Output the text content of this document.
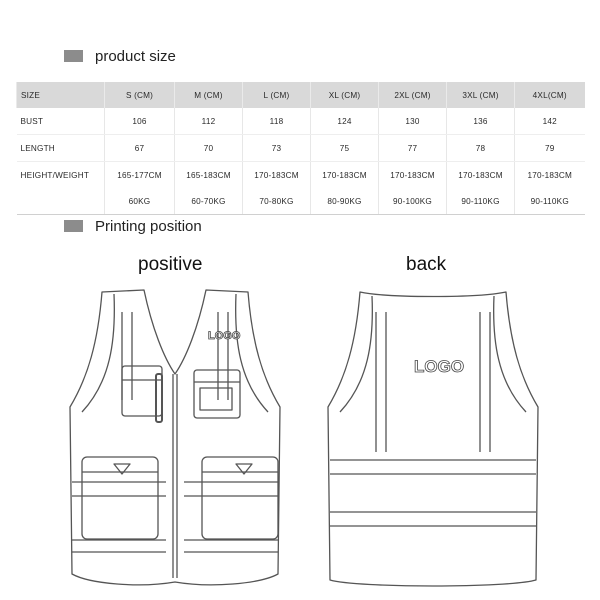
product size
SIZE	S (CM)	M (CM)	L (CM)	XL (CM)	2XL (CM)	3XL (CM)	4XL(CM)
BUST	106	112	118	124	130	136	142
LENGTH	67	70	73	75	77	78	79
HEIGHT/WEIGHT	165-177CM	165-183CM	170-183CM	170-183CM	170-183CM	170-183CM	170-183CM
	60KG	60-70KG	70-80KG	80-90KG	90-100KG	90-110KG	90-110KG
Printing position
positive	back
LOGO
LOGO
